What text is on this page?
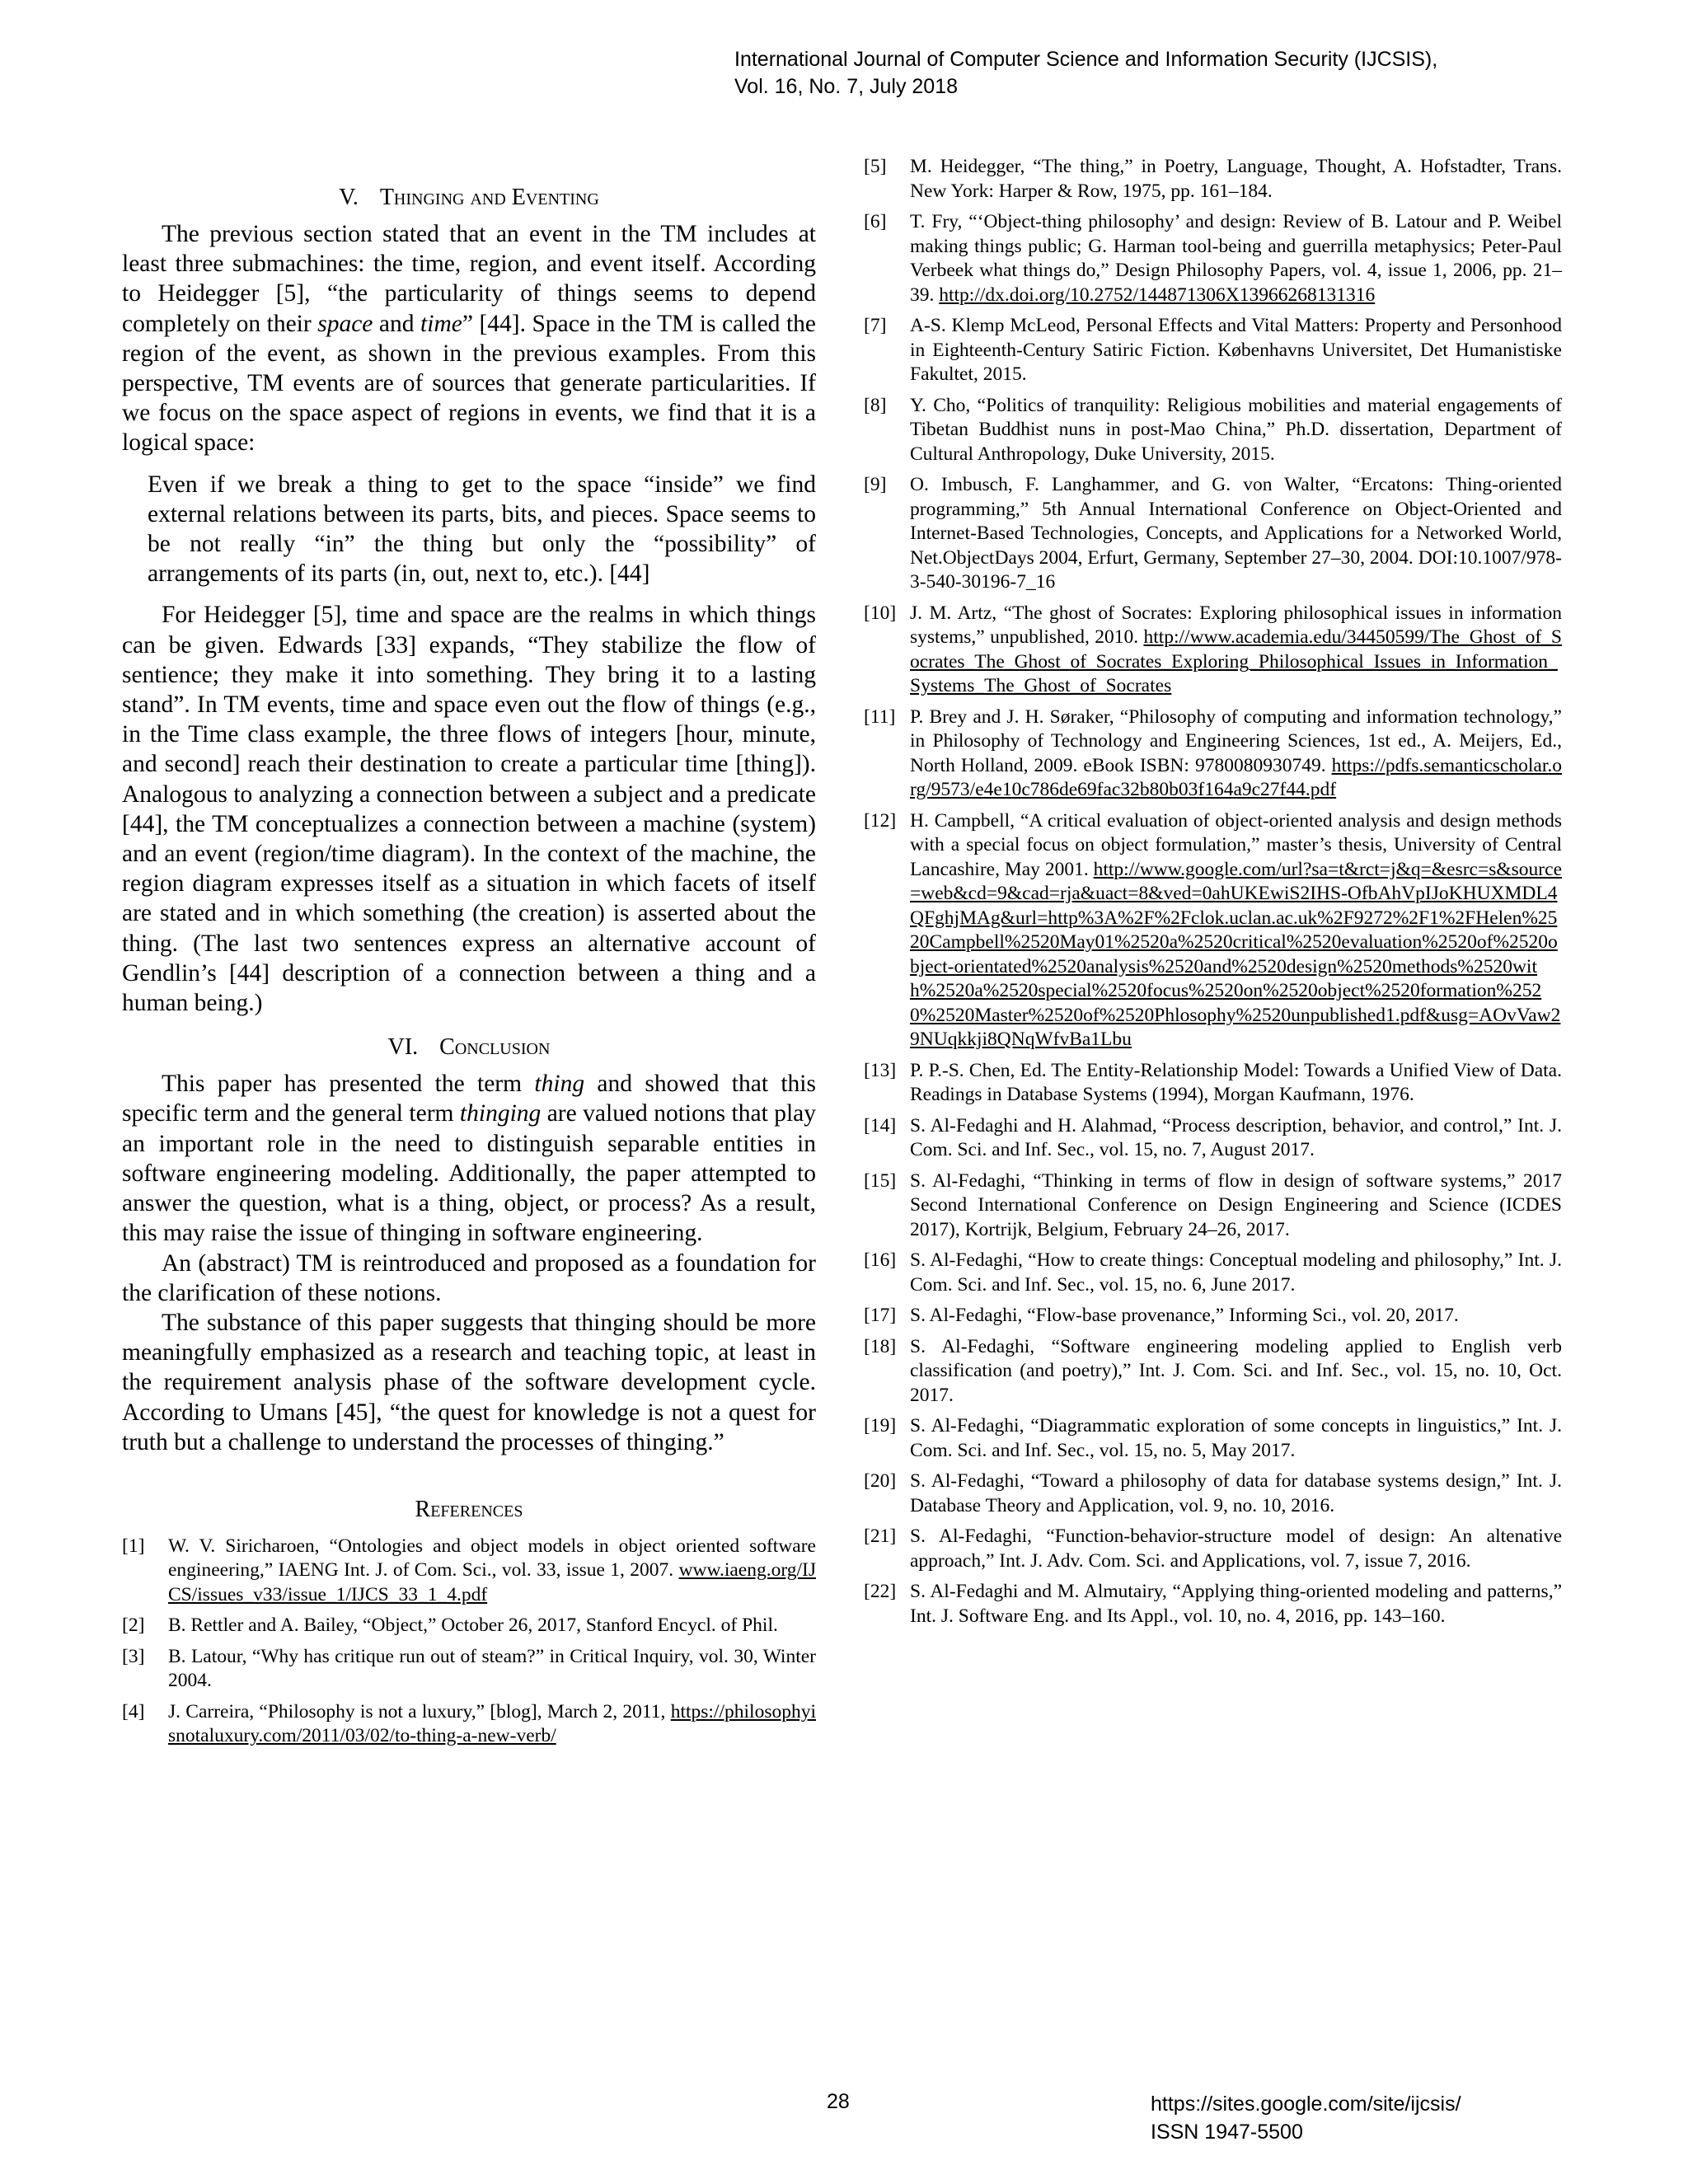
International Journal of Computer Science and Information Security (IJCSIS),
Vol. 16, No. 7, July 2018
V. Thinging and Eventing

The previous section stated that an event in the TM includes at least three submachines: the time, region, and event itself. According to Heidegger [5], “the particularity of things seems to depend completely on their space and time” [44]. Space in the TM is called the region of the event, as shown in the previous examples. From this perspective, TM events are of sources that generate particularities. If we focus on the space aspect of regions in events, we find that it is a logical space:

Even if we break a thing to get to the space “inside” we find external relations between its parts, bits, and pieces. Space seems to be not really “in” the thing but only the “possibility” of arrangements of its parts (in, out, next to, etc.). [44]

For Heidegger [5], time and space are the realms in which things can be given. Edwards [33] expands, “They stabilize the flow of sentience; they make it into something. They bring it to a lasting stand”. In TM events, time and space even out the flow of things (e.g., in the Time class example, the three flows of integers [hour, minute, and second] reach their destination to create a particular time [thing]). Analogous to analyzing a connection between a subject and a predicate [44], the TM conceptualizes a connection between a machine (system) and an event (region/time diagram). In the context of the machine, the region diagram expresses itself as a situation in which facets of itself are stated and in which something (the creation) is asserted about the thing. (The last two sentences express an alternative account of Gendlin’s [44] description of a connection between a thing and a human being.)

VI. Conclusion

This paper has presented the term thing and showed that this specific term and the general term thinging are valued notions that play an important role in the need to distinguish separable entities in software engineering modeling. Additionally, the paper attempted to answer the question, what is a thing, object, or process? As a result, this may raise the issue of thinging in software engineering.

An (abstract) TM is reintroduced and proposed as a foundation for the clarification of these notions.

The substance of this paper suggests that thinging should be more meaningfully emphasized as a research and teaching topic, at least in the requirement analysis phase of the software development cycle. According to Umans [45], “the quest for knowledge is not a quest for truth but a challenge to understand the processes of thinging.”

References
[1]	W. V. Siricharoen, “Ontologies and object models in object oriented software engineering,” IAENG Int. J. of Com. Sci., vol. 33, issue 1, 2007. www.iaeng.org/IJCS/issues_v33/issue_1/IJCS_33_1_4.pdf
[2]	B. Rettler and A. Bailey, “Object,” October 26, 2017, Stanford Encycl. of Phil.
[3]	B. Latour, “Why has critique run out of steam?” in Critical Inquiry, vol. 30, Winter 2004.
[4]	J. Carreira, “Philosophy is not a luxury,” [blog], March 2, 2011, https://philosophyisnotaluxury.com/2011/03/02/to-thing-a-new-verb/
[5]	M. Heidegger, “The thing,” in Poetry, Language, Thought, A. Hofstadter, Trans. New York: Harper & Row, 1975, pp. 161–184.
[6]	T. Fry, “‘Object-thing philosophy’ and design: Review of B. Latour and P. Weibel making things public; G. Harman tool-being and guerrilla metaphysics; Peter-Paul Verbeek what things do,” Design Philosophy Papers, vol. 4, issue 1, 2006, pp. 21–39. http://dx.doi.org/10.2752/144871306X13966268131316
[7]	A-S. Klemp McLeod, Personal Effects and Vital Matters: Property and Personhood in Eighteenth-Century Satiric Fiction. Københavns Universitet, Det Humanistiske Fakultet, 2015.
[8]	Y. Cho, “Politics of tranquility: Religious mobilities and material engagements of Tibetan Buddhist nuns in post-Mao China,” Ph.D. dissertation, Department of Cultural Anthropology, Duke University, 2015.
[9]	O. Imbusch, F. Langhammer, and G. von Walter, “Ercatons: Thing-oriented programming,” 5th Annual International Conference on Object-Oriented and Internet-Based Technologies, Concepts, and Applications for a Networked World, Net.ObjectDays 2004, Erfurt, Germany, September 27–30, 2004. DOI:10.1007/978-3-540-30196-7_16
[10] J. M. Artz, “The ghost of Socrates: Exploring philosophical issues in information systems,” unpublished, 2010. http://www.academia.edu/34450599/The_Ghost_of_Socrates_The_Ghost_of_Socrates_Exploring_Philosophical_Issues_in_Information_Systems_The_Ghost_of_Socrates
[11] P. Brey and J. H. Søraker, “Philosophy of computing and information technology,” in Philosophy of Technology and Engineering Sciences, 1st ed., A. Meijers, Ed., North Holland, 2009. eBook ISBN: 9780080930749. https://pdfs.semanticscholar.org/9573/e4e10c786de69fac32b80b03f164a9c27f44.pdf
[12] H. Campbell, “A critical evaluation of object-oriented analysis and design methods with a special focus on object formulation,” master’s thesis, University of Central Lancashire, May 2001. http://www.google.com/url?sa=t&rct=j&q=&esrc=s&source=web&cd=9&cad=rja&uact=8&ved=0ahUKEwiS2IHS-OfbAhVpIJoKHUXMDL4QFghjMAg&url=http%3A%2F%2Fclok.uclan.ac.uk%2F9272%2F1%2FHelen%2520Campbell%2520May01%2520a%2520critical%2520evaluation%2520of%2520object-orientated%2520analysis%2520and%2520design%2520methods%2520with%2520a%2520special%2520focus%2520on%2520object%2520formation%2520%2520Master%2520of%2520Phlosophy%2520unpublished1.pdf&usg=AOvVaw29NUqkkji8QNqWfvBa1Lbu
[13] P. P.-S. Chen, Ed. The Entity-Relationship Model: Towards a Unified View of Data. Readings in Database Systems (1994), Morgan Kaufmann, 1976.
[14] S. Al-Fedaghi and H. Alahmad, “Process description, behavior, and control,” Int. J. Com. Sci. and Inf. Sec., vol. 15, no. 7, August 2017.
[15] S. Al-Fedaghi, “Thinking in terms of flow in design of software systems,” 2017 Second International Conference on Design Engineering and Science (ICDES 2017), Kortrijk, Belgium, February 24–26, 2017.
[16] S. Al-Fedaghi, “How to create things: Conceptual modeling and philosophy,” Int. J. Com. Sci. and Inf. Sec., vol. 15, no. 6, June 2017.
[17] S. Al-Fedaghi, “Flow-base provenance,” Informing Sci., vol. 20, 2017.
[18] S. Al-Fedaghi, “Software engineering modeling applied to English verb classification (and poetry),” Int. J. Com. Sci. and Inf. Sec., vol. 15, no. 10, Oct. 2017.
[19] S. Al-Fedaghi, “Diagrammatic exploration of some concepts in linguistics,” Int. J. Com. Sci. and Inf. Sec., vol. 15, no. 5, May 2017.
[20] S. Al-Fedaghi, “Toward a philosophy of data for database systems design,” Int. J. Database Theory and Application, vol. 9, no. 10, 2016.
[21] S. Al-Fedaghi, “Function-behavior-structure model of design: An altenative approach,” Int. J. Adv. Com. Sci. and Applications, vol. 7, issue 7, 2016.
[22] S. Al-Fedaghi and M. Almutairy, “Applying thing-oriented modeling and patterns,” Int. J. Software Eng. and Its Appl., vol. 10, no. 4, 2016, pp. 143–160.
28	https://sites.google.com/site/ijcsis/
ISSN 1947-5500
